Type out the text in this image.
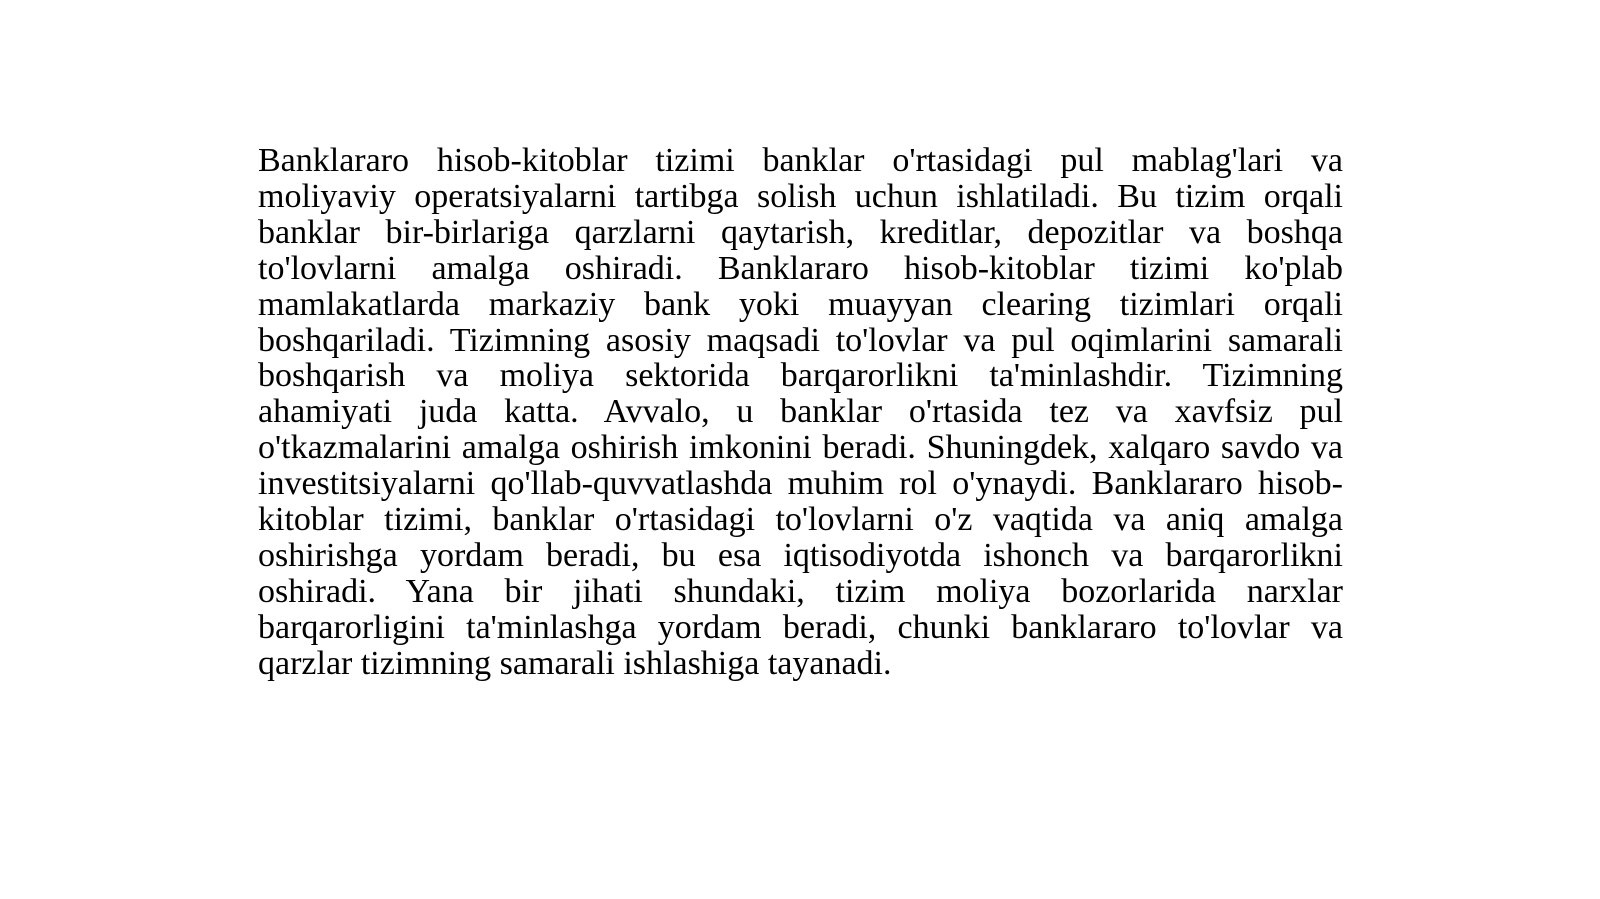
Banklararo hisob-kitoblar tizimi banklar o'rtasidagi pul mablag'lari va moliyaviy operatsiyalarni tartibga solish uchun ishlatiladi. Bu tizim orqali banklar bir-birlariga qarzlarni qaytarish, kreditlar, depozitlar va boshqa to'lovlarni amalga oshiradi. Banklararo hisob-kitoblar tizimi ko'plab mamlakatlarda markaziy bank yoki muayyan clearing tizimlari orqali boshqariladi. Tizimning asosiy maqsadi to'lovlar va pul oqimlarini samarali boshqarish va moliya sektorida barqarorlikni ta'minlashdir. Tizimning ahamiyati juda katta. Avvalo, u banklar o'rtasida tez va xavfsiz pul o'tkazmalarini amalga oshirish imkonini beradi. Shuningdek, xalqaro savdo va investitsiyalarni qo'llab-quvvatlashda muhim rol o'ynaydi. Banklararo hisob-kitoblar tizimi, banklar o'rtasidagi to'lovlarni o'z vaqtida va aniq amalga oshirishga yordam beradi, bu esa iqtisodiyotda ishonch va barqarorlikni oshiradi. Yana bir jihati shundaki, tizim moliya bozorlarida narxlar barqarorligini ta'minlashga yordam beradi, chunki banklararo to'lovlar va qarzlar tizimning samarali ishlashiga tayanadi.
